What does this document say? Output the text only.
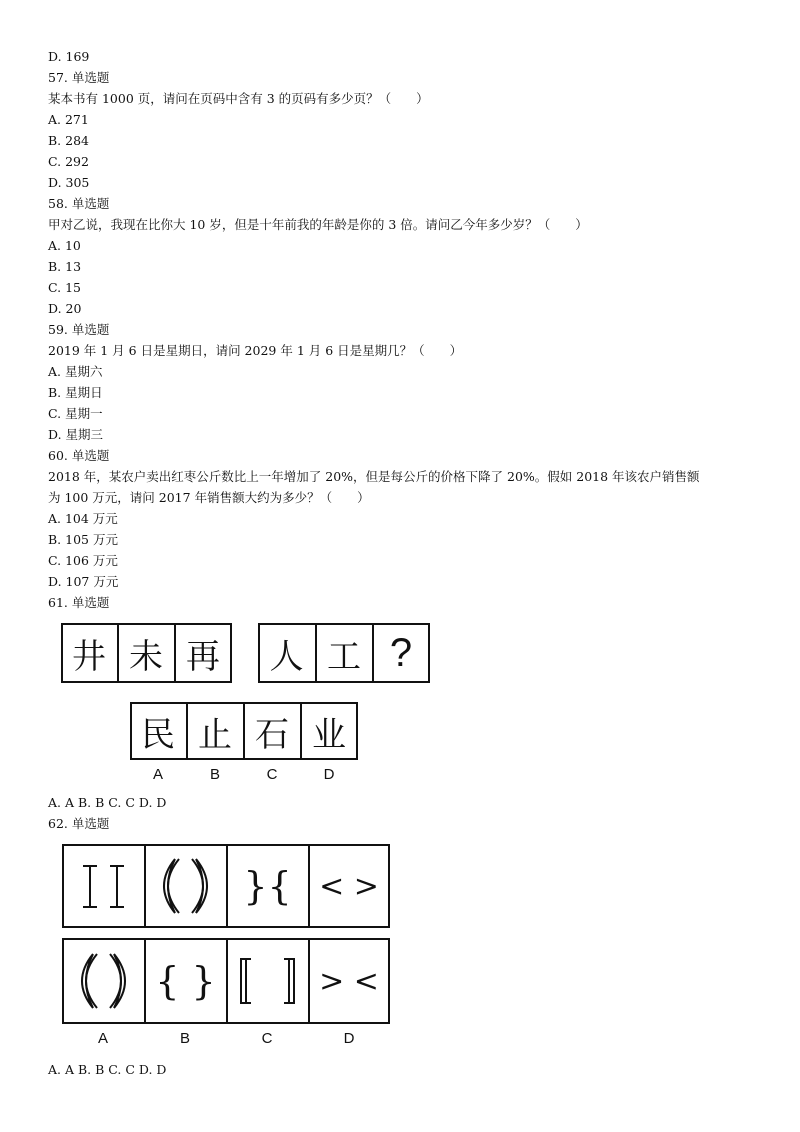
D. 169
57. 单选题
某本书有 1000 页，请问在页码中含有 3 的页码有多少页？（　　）
A. 271
B. 284
C. 292
D. 305
58. 单选题
甲对乙说，我现在比你大 10 岁，但是十年前我的年龄是你的 3 倍。请问乙今年多少岁？（　　）
A. 10
B. 13
C. 15
D. 20
59. 单选题
2019 年 1 月 6 日是星期日，请问 2029 年 1 月 6 日是星期几？（　　）
A. 星期六
B. 星期日
C. 星期一
D. 星期三
60. 单选题
2018 年，某农户卖出红枣公斤数比上一年增加了 20%，但是每公斤的价格下降了 20%。假如 2018 年该农户销售额
为 100 万元，请问 2017 年销售额大约为多少？（　　）
A. 104 万元
B. 105 万元
C. 106 万元
D. 107 万元
61. 单选题
井 未 再	人 工 ?
民 止 石 业
A	B	C	D
A. A B. B C. C D. D
62. 单选题
}{ < >
{ }	> <
A	B	C	D
A. A B. B C. C D. D
